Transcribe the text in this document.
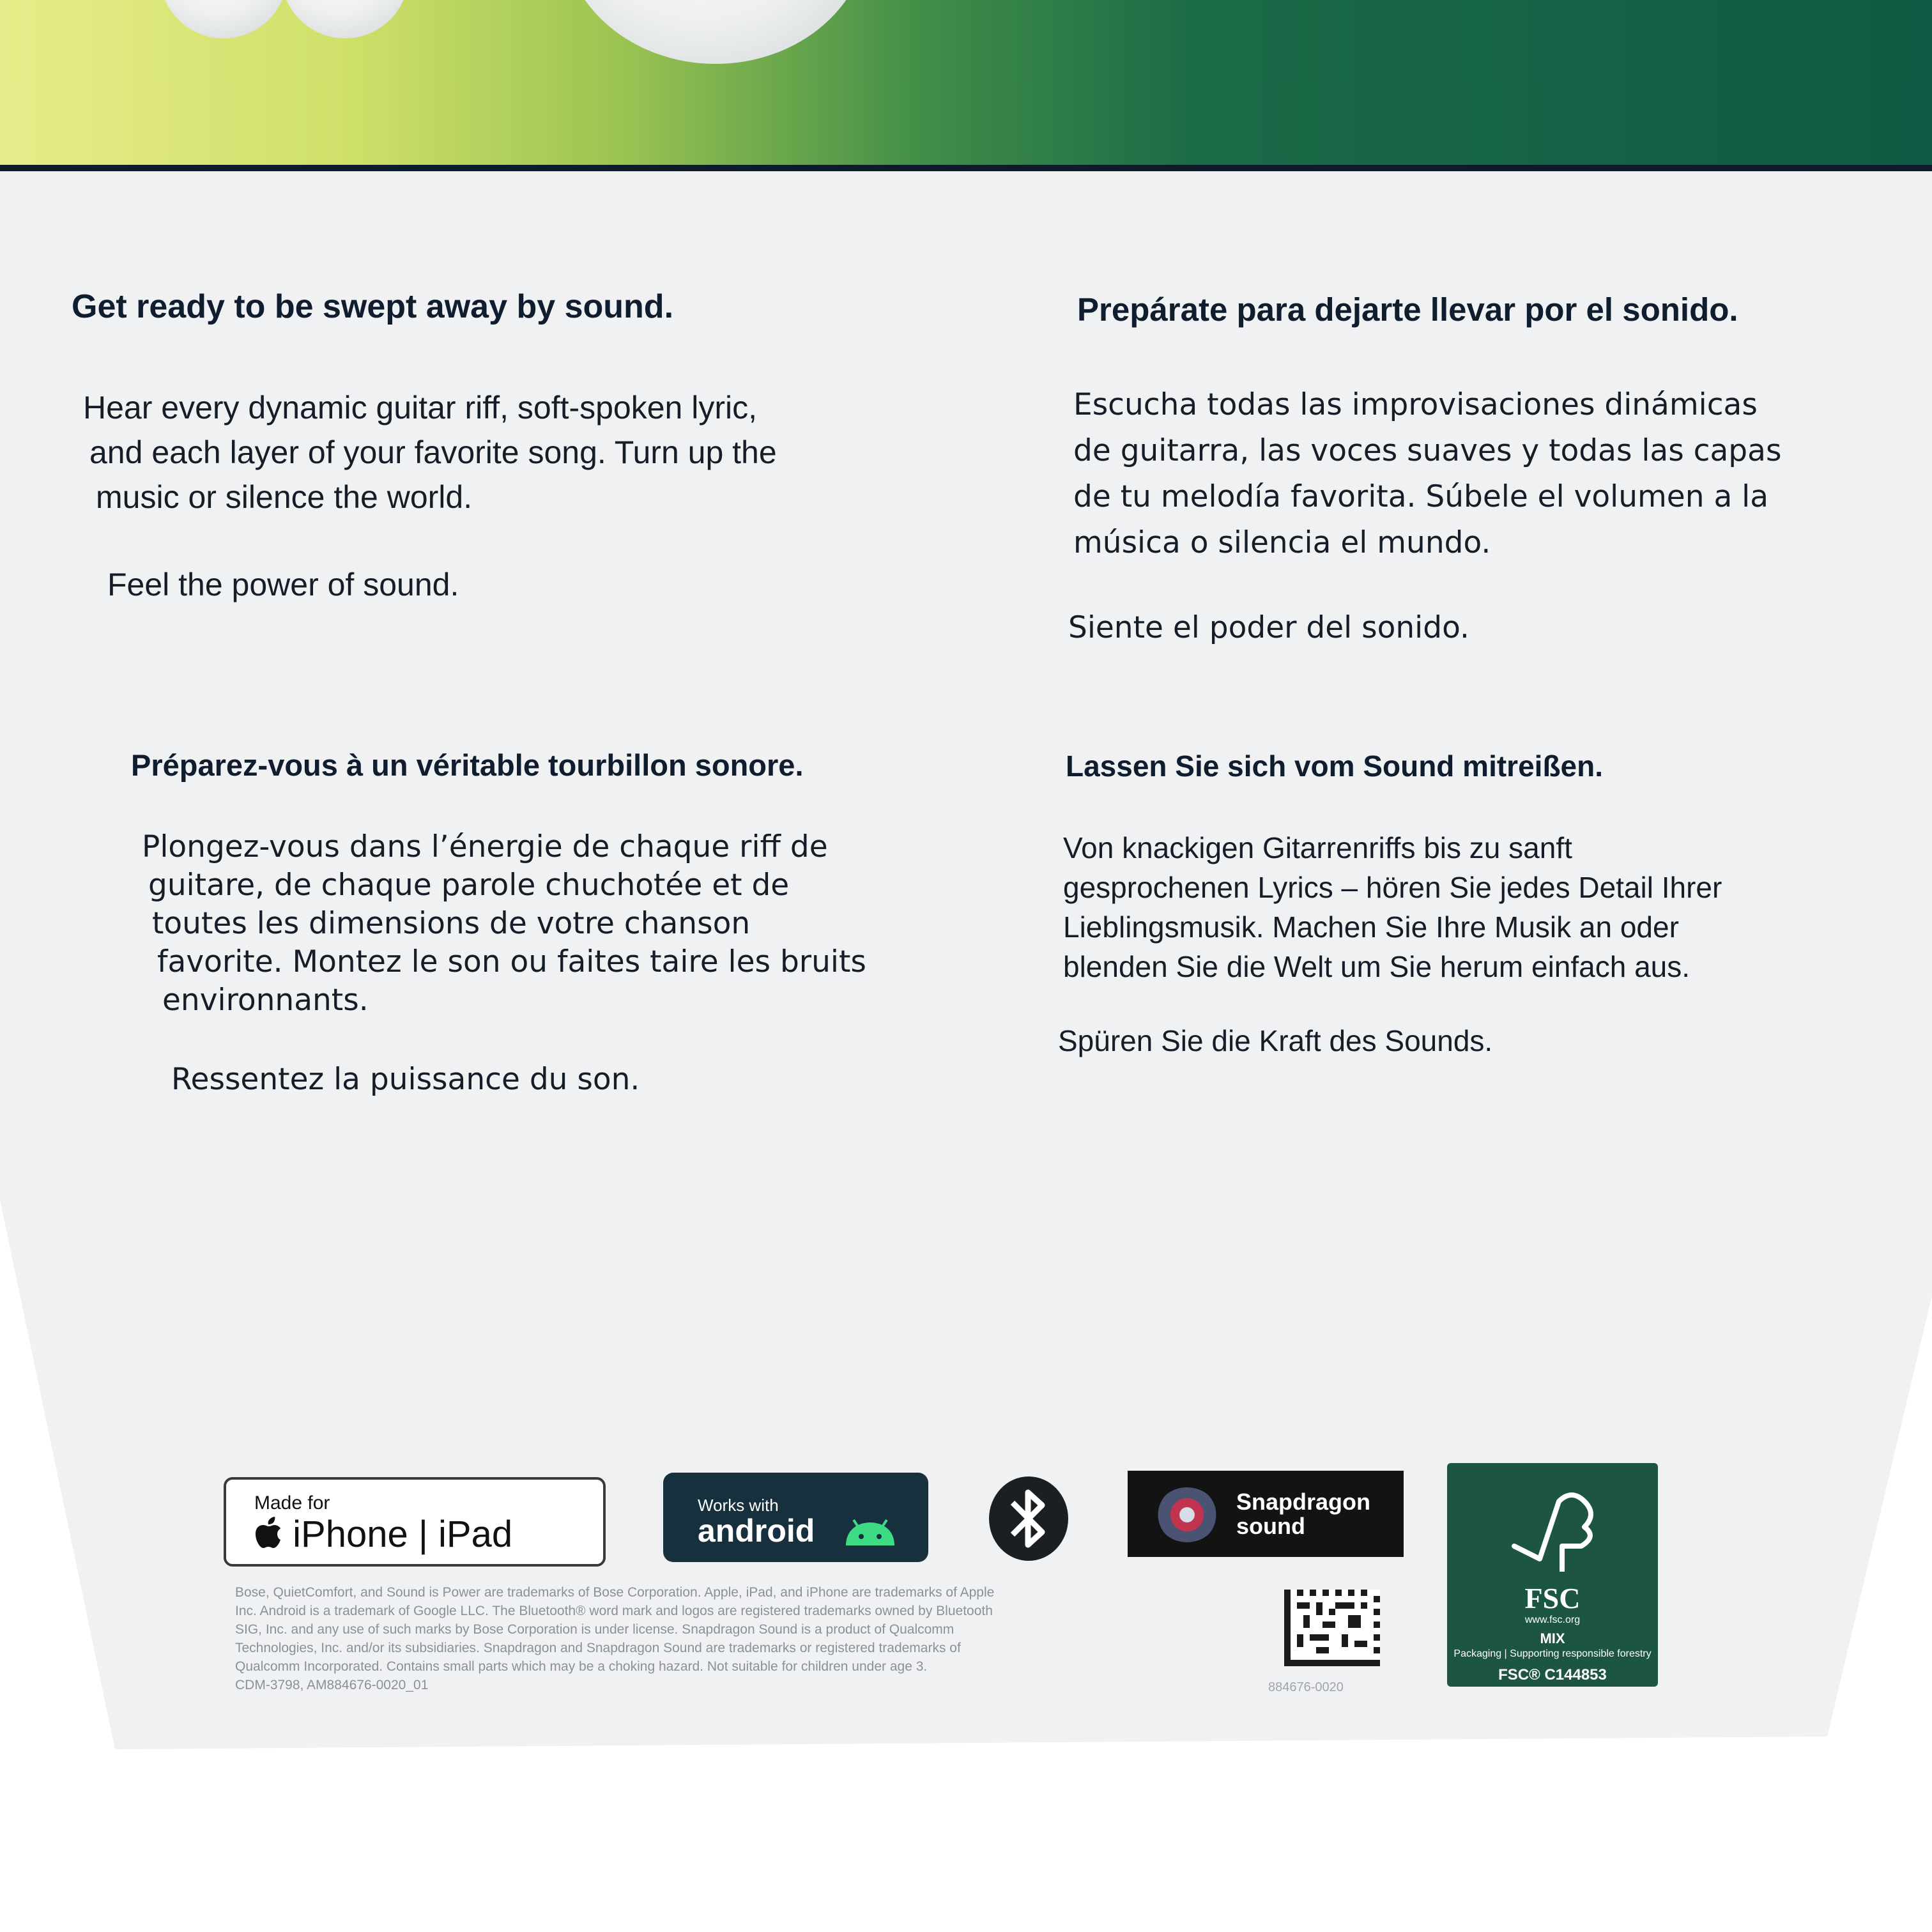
Get ready to be swept away by sound.
Hear every dynamic guitar riff, soft-spoken lyric,
and each layer of your favorite song. Turn up the
music or silence the world.
Feel the power of sound.
Prepárate para dejarte llevar por el sonido.
Escucha todas las improvisaciones dinámicas
de guitarra, las voces suaves y todas las capas
de tu melodía favorita. Súbele el volumen a la
música o silencia el mundo.
Siente el poder del sonido.
Préparez-vous à un véritable tourbillon sonore.
Plongez-vous dans l’énergie de chaque riff de
guitare, de chaque parole chuchotée et de
toutes les dimensions de votre chanson
favorite. Montez le son ou faites taire les bruits
environnants.
Ressentez la puissance du son.
Lassen Sie sich vom Sound mitreißen.
Von knackigen Gitarrenriffs bis zu sanft
gesprochenen Lyrics – hören Sie jedes Detail Ihrer
Lieblingsmusik. Machen Sie Ihre Musik an oder
blenden Sie die Welt um Sie herum einfach aus.
Spüren Sie die Kraft des Sounds.
Made for
iPhone | iPad
Works with
android
Snapdragon
sound
FSC
www.fsc.org
MIX
Packaging | Supporting responsible forestry
FSC® C144853
Bose, QuietComfort, and Sound is Power are trademarks of Bose Corporation. Apple, iPad, and iPhone are trademarks of Apple
Inc. Android is a trademark of Google LLC. The Bluetooth® word mark and logos are registered trademarks owned by Bluetooth
SIG, Inc. and any use of such marks by Bose Corporation is under license. Snapdragon Sound is a product of Qualcomm
Technologies, Inc. and/or its subsidiaries. Snapdragon and Snapdragon Sound are trademarks or registered trademarks of
Qualcomm Incorporated. Contains small parts which may be a choking hazard. Not suitable for children under age 3.
CDM-3798, AM884676-0020_01	884676-0020
